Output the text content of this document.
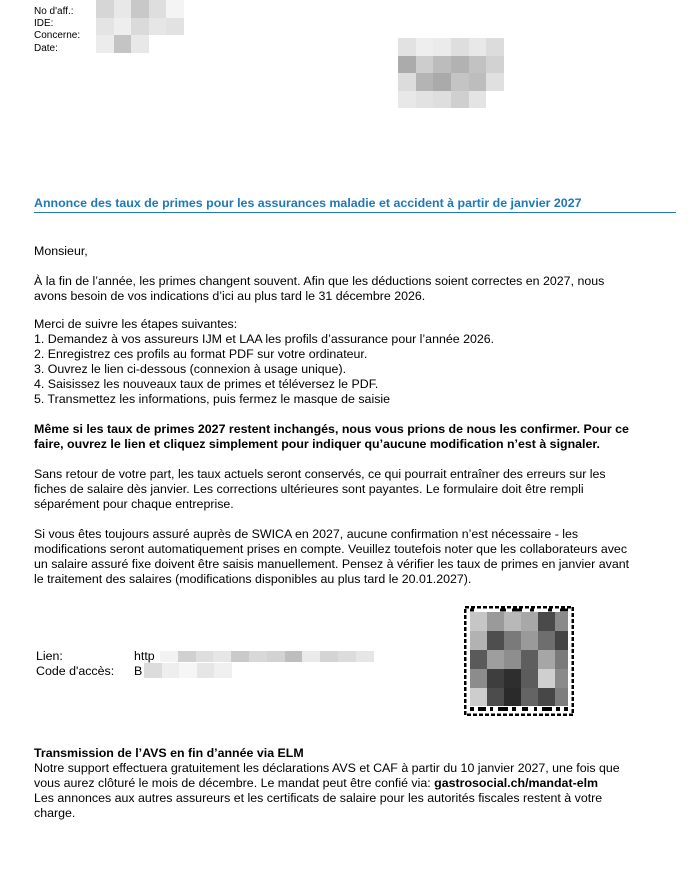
No d'aff.:
IDE:
Concerne:
Date:
Annonce des taux de primes pour les assurances maladie et accident à partir de janvier 2027
Monsieur,
À la fin de l’année, les primes changent souvent. Afin que les déductions soient correctes en 2027, nous
avons besoin de vos indications d’ici au plus tard le 31 décembre 2026.
Merci de suivre les étapes suivantes:
1. Demandez à vos assureurs IJM et LAA les profils d’assurance pour l’année 2026.
2. Enregistrez ces profils au format PDF sur votre ordinateur.
3. Ouvrez le lien ci-dessous (connexion à usage unique).
4. Saisissez les nouveaux taux de primes et téléversez le PDF.
5. Transmettez les informations, puis fermez le masque de saisie
Même si les taux de primes 2027 restent inchangés, nous vous prions de nous les confirmer. Pour ce
faire, ouvrez le lien et cliquez simplement pour indiquer qu’aucune modification n’est à signaler.
Sans retour de votre part, les taux actuels seront conservés, ce qui pourrait entraîner des erreurs sur les
fiches de salaire dès janvier. Les corrections ultérieures sont payantes. Le formulaire doit être rempli
séparément pour chaque entreprise.
Si vous êtes toujours assuré auprès de SWICA en 2027, aucune confirmation n’est nécessaire - les
modifications seront automatiquement prises en compte. Veuillez toutefois noter que les collaborateurs avec
un salaire assuré fixe doivent être saisis manuellement. Pensez à vérifier les taux de primes en janvier avant
le traitement des salaires (modifications disponibles au plus tard le 20.01.2027).
Lien:
Code d'accès:
http
B
Transmission de l’AVS en fin d’année via ELM
Notre support effectuera gratuitement les déclarations AVS et CAF à partir du 10 janvier 2027, une fois que
vous aurez clôturé le mois de décembre. Le mandat peut être confié via: gastrosocial.ch/mandat-elm
Les annonces aux autres assureurs et les certificats de salaire pour les autorités fiscales restent à votre
charge.
